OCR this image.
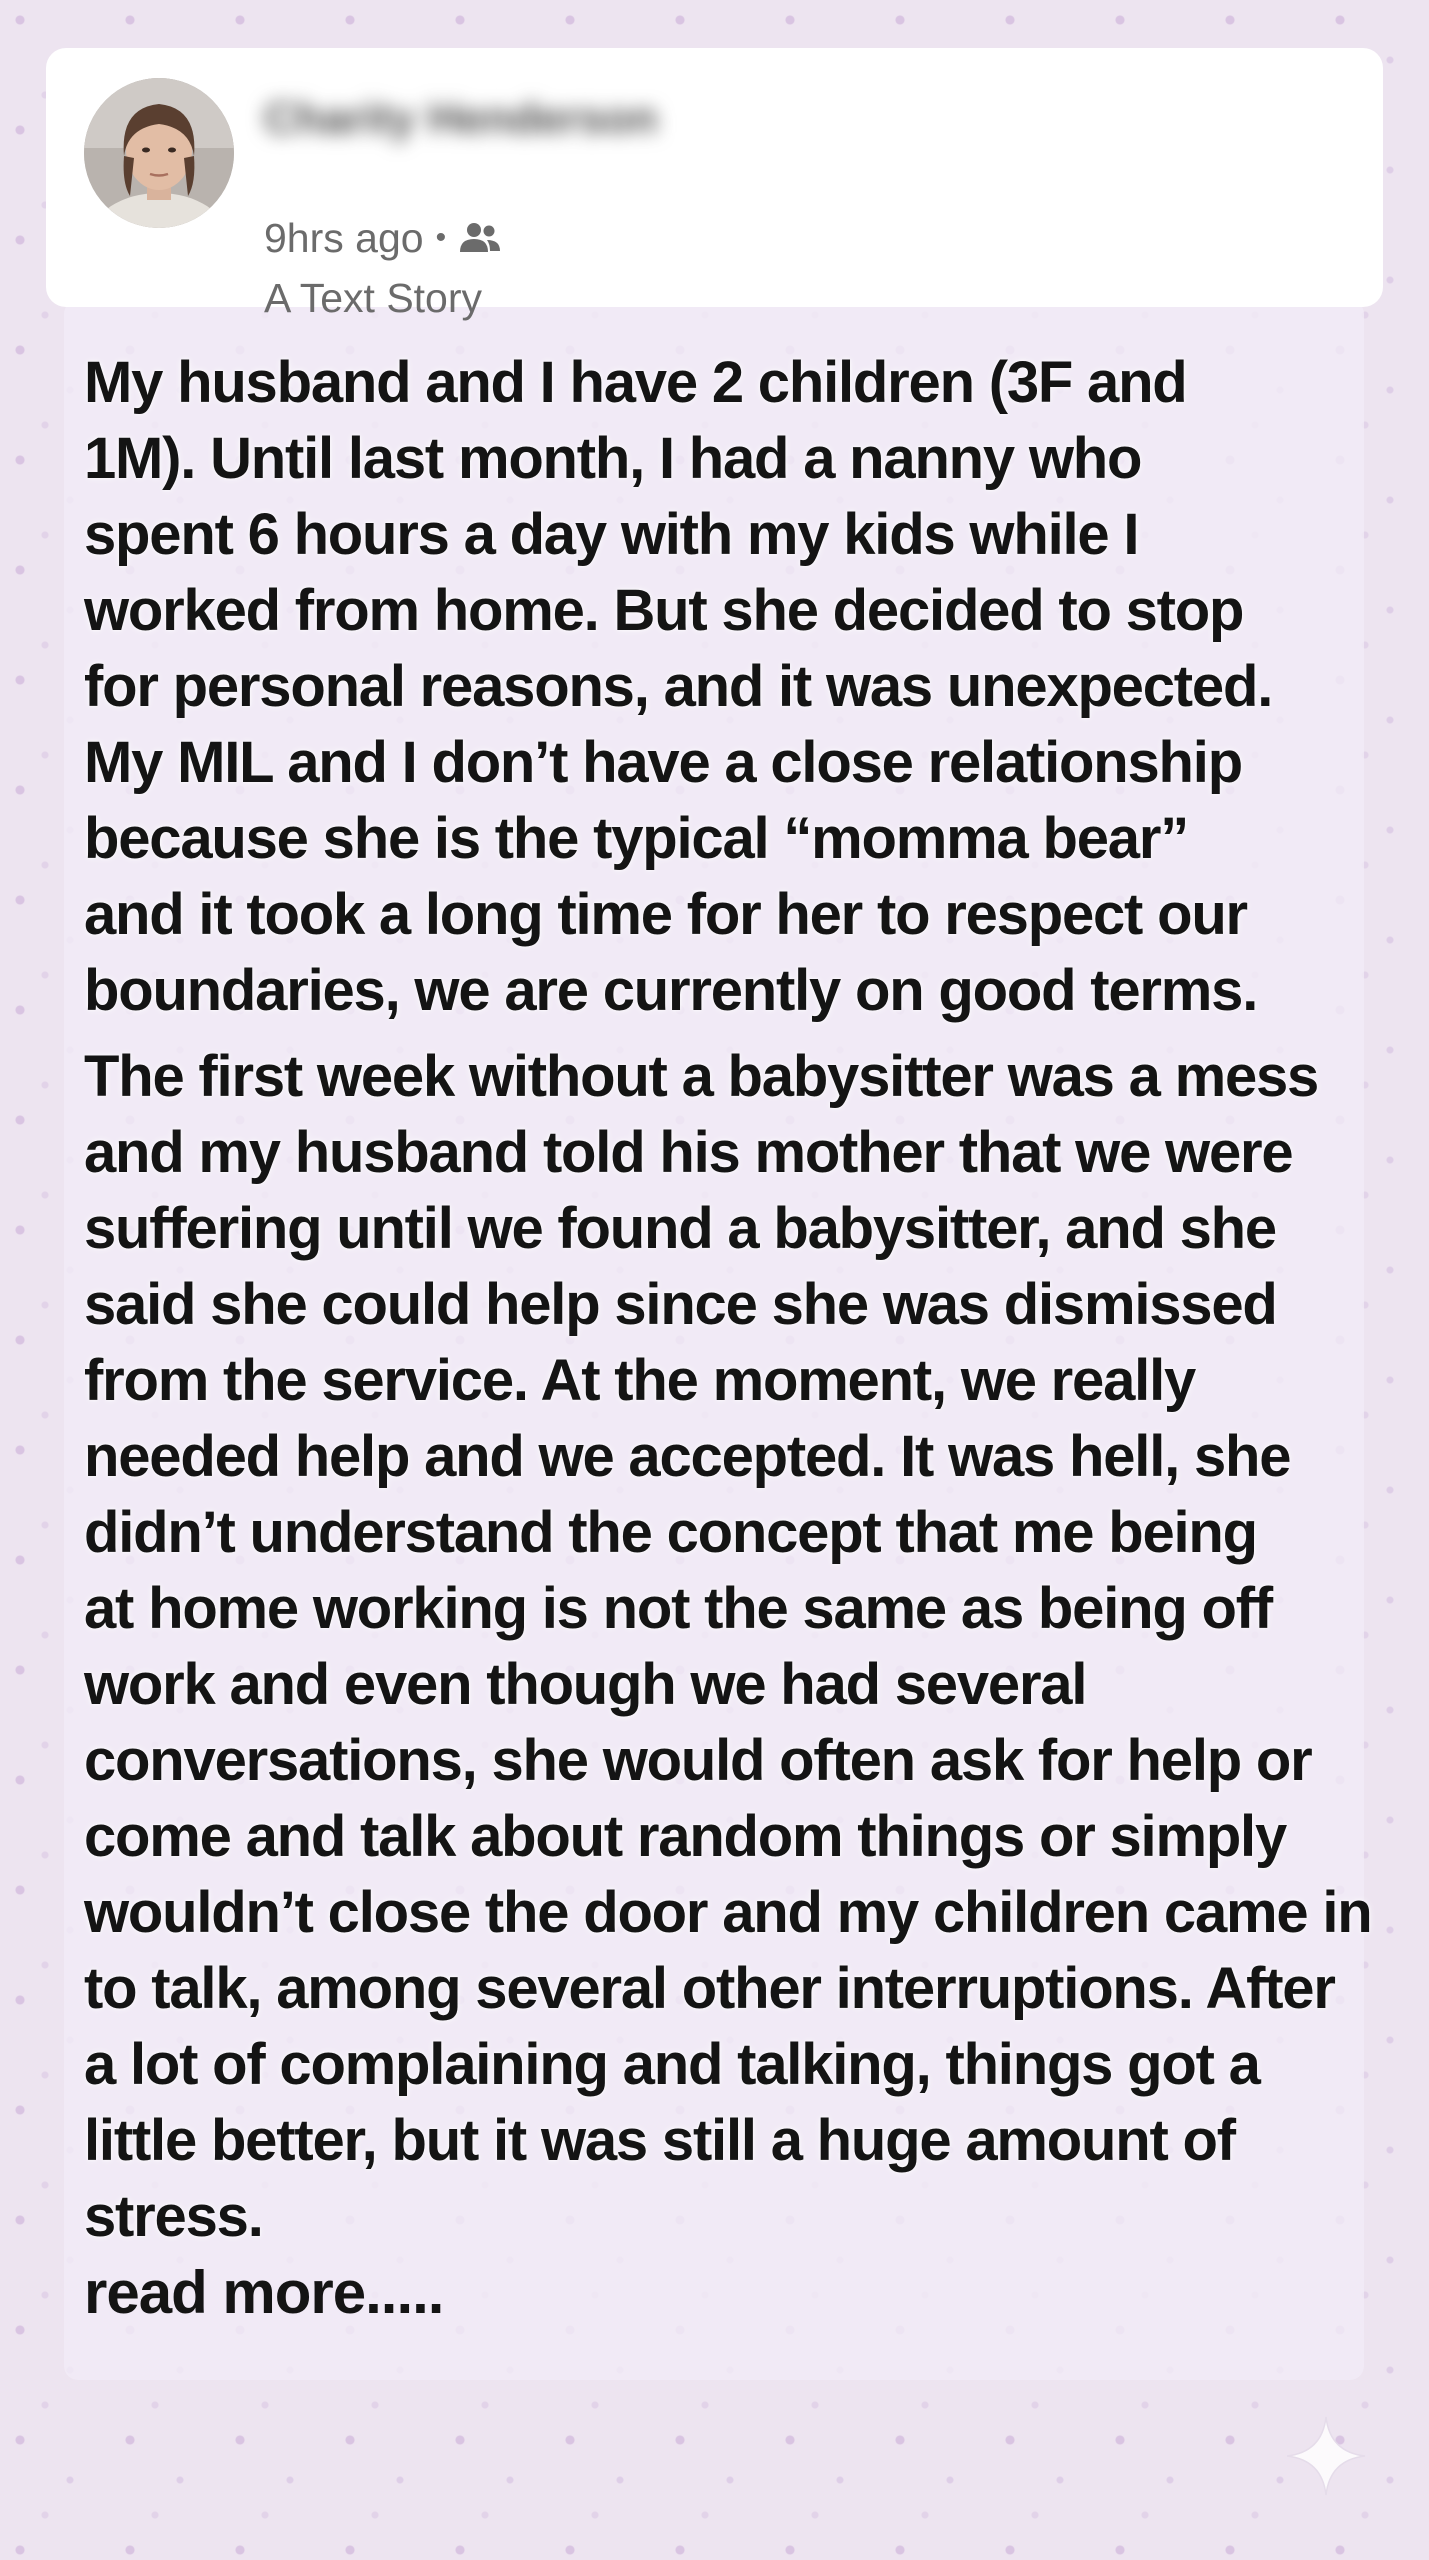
Charity Henderson
9hrs ago •
A Text Story

My husband and I have 2 children (3F and
1M). Until last month, I had a nanny who
spent 6 hours a day with my kids while I
worked from home. But she decided to stop
for personal reasons, and it was unexpected.
My MIL and I don’t have a close relationship
because she is the typical “momma bear”
and it took a long time for her to respect our
boundaries, we are currently on good terms.

The first week without a babysitter was a mess
and my husband told his mother that we were
suffering until we found a babysitter, and she
said she could help since she was dismissed
from the service. At the moment, we really
needed help and we accepted. It was hell, she
didn’t understand the concept that me being
at home working is not the same as being off
work and even though we had several
conversations, she would often ask for help or
come and talk about random things or simply
wouldn’t close the door and my children came in
to talk, among several other interruptions. After
a lot of complaining and talking, things got a
little better, but it was still a huge amount of
stress.

read more.....
